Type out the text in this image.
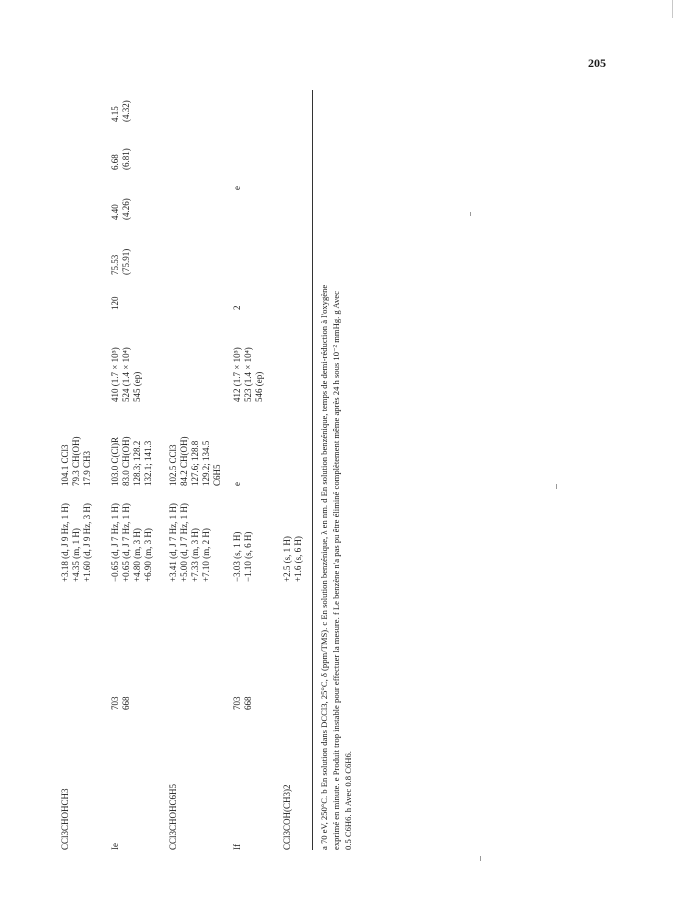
205
CCl3CHOHCH3
+3.18 (d, J 9 Hz, 1 H) +4.35 (m, 1 H) +1.60 (d, J 9 Hz, 3 H)
104.1 CCl3 79.3 CH(OH) 17.9 CH3
Ie
703 668
−0.65 (d, J 7 Hz, 1 H) +0.65 (d, J 7 Hz, 1 H) +4.80 (m, 3 H) +6.90 (m, 3 H)
103.0 C(Cl)R 83.0 CH(OH) 128.3; 128.2 132.1; 141.3
410 (1.7 × 10⁵) 524 (1.4 × 10⁴) 545 (ep)
120
75.53 (75.91)
4.40 (4.26)
6.68 (6.81)
4.15 (4.32)
CCl3CHOHC6H5
+3.41 (d, J 7 Hz, 1 H) +5.00 (d, J 7 Hz, 1 H) +7.33 (m, 3 H) +7.10 (m, 2 H)
102.5 CCl3 84.2 CH(OH) 127.6; 128.8 129.2; 134.5 C6H5
If
703 668
−3.03 (s, 1 H) −1.10 (s, 6 H)
e
412 (1.7 × 10⁵) 523 (1.4 × 10⁴) 546 (ep)
2
e
CCl3COH(CH3)2
+2.5 (s, 1 H) +1.6 (s, 6 H) a 70 eV, 250°C. b En solution dans DCCl3, 25°C, δ (ppm/TMS). c En solution benzénique, λ en nm. d En solution benzénique, temps de demi-réduction à l'oxygène exprimé en minute. e Produit trop instable pour effectuer la mesure. f Le benzène n'a pas pu être éliminé complètement même après 24 h sous 10⁻² mmHg. g Avec 0.5 C6H6. h Avec 0.8 C6H6.
